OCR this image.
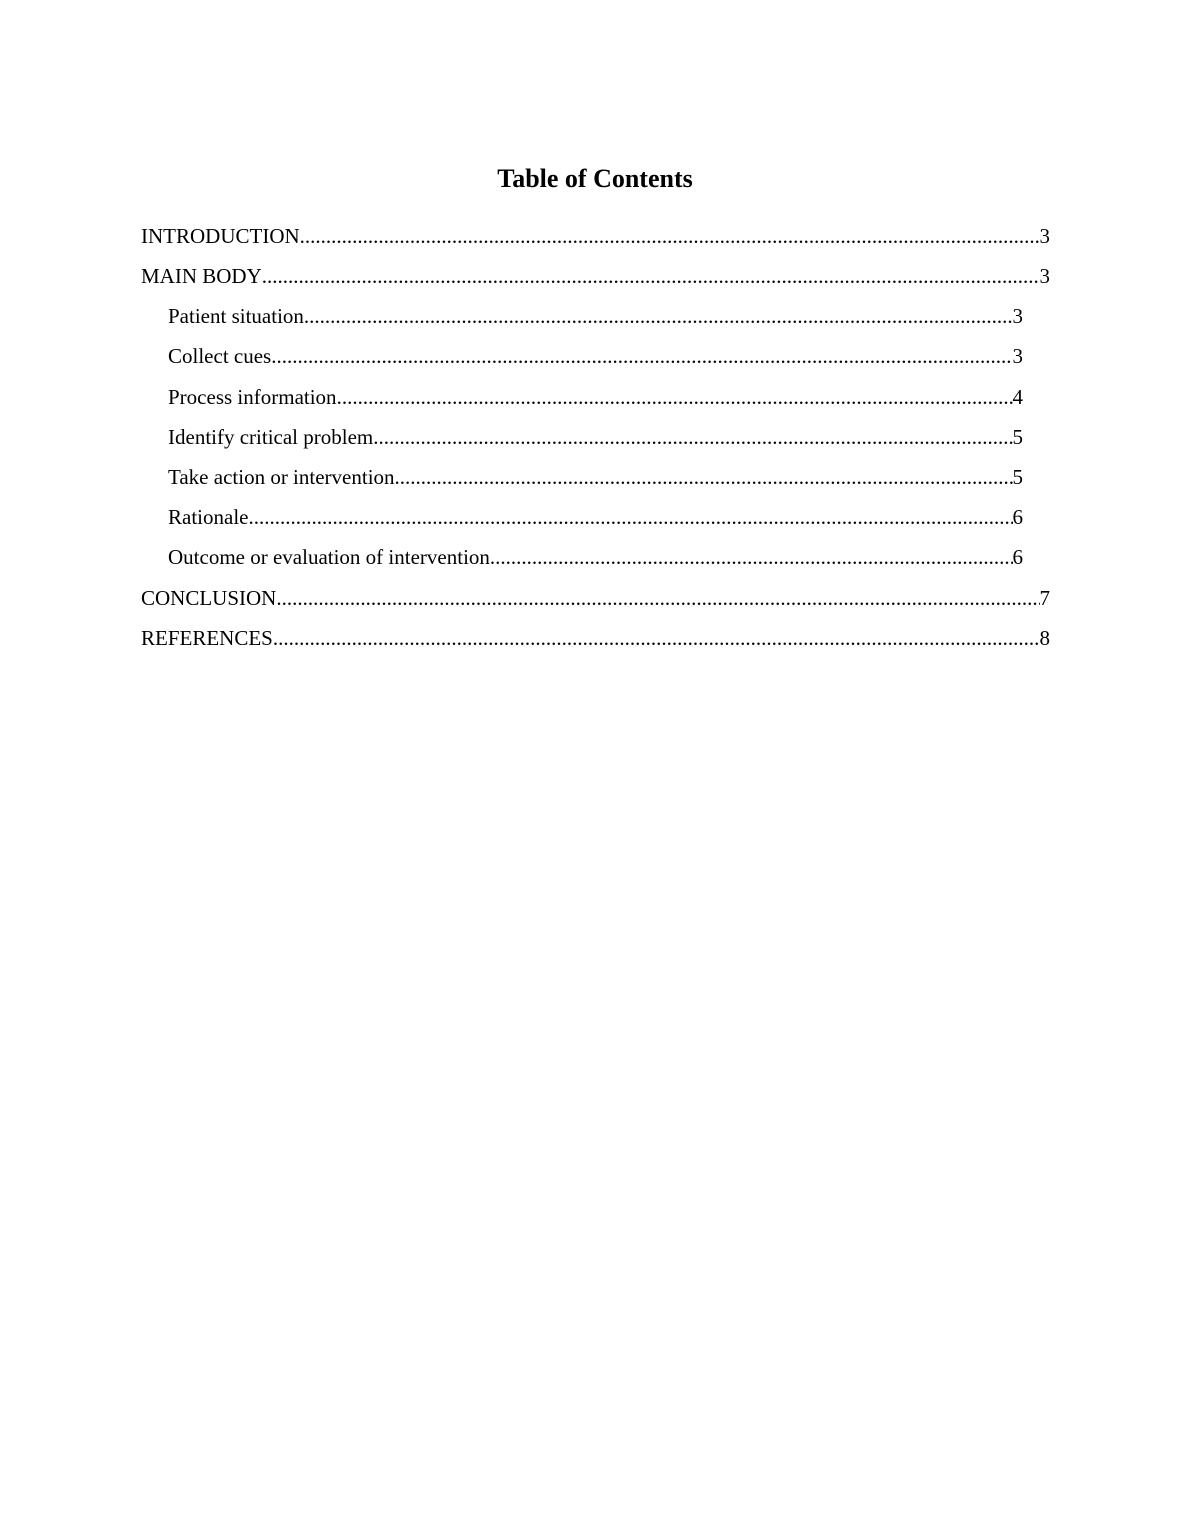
Table of Contents
INTRODUCTION .....	3
MAIN BODY .....	3
Patient situation .....	3
Collect cues .....	3
Process information .....	4
Identify critical problem .....	5
Take action or intervention .....	5
Rationale .....	6
Outcome or evaluation of intervention .....	6
CONCLUSION .....	7
REFERENCES .....	8
